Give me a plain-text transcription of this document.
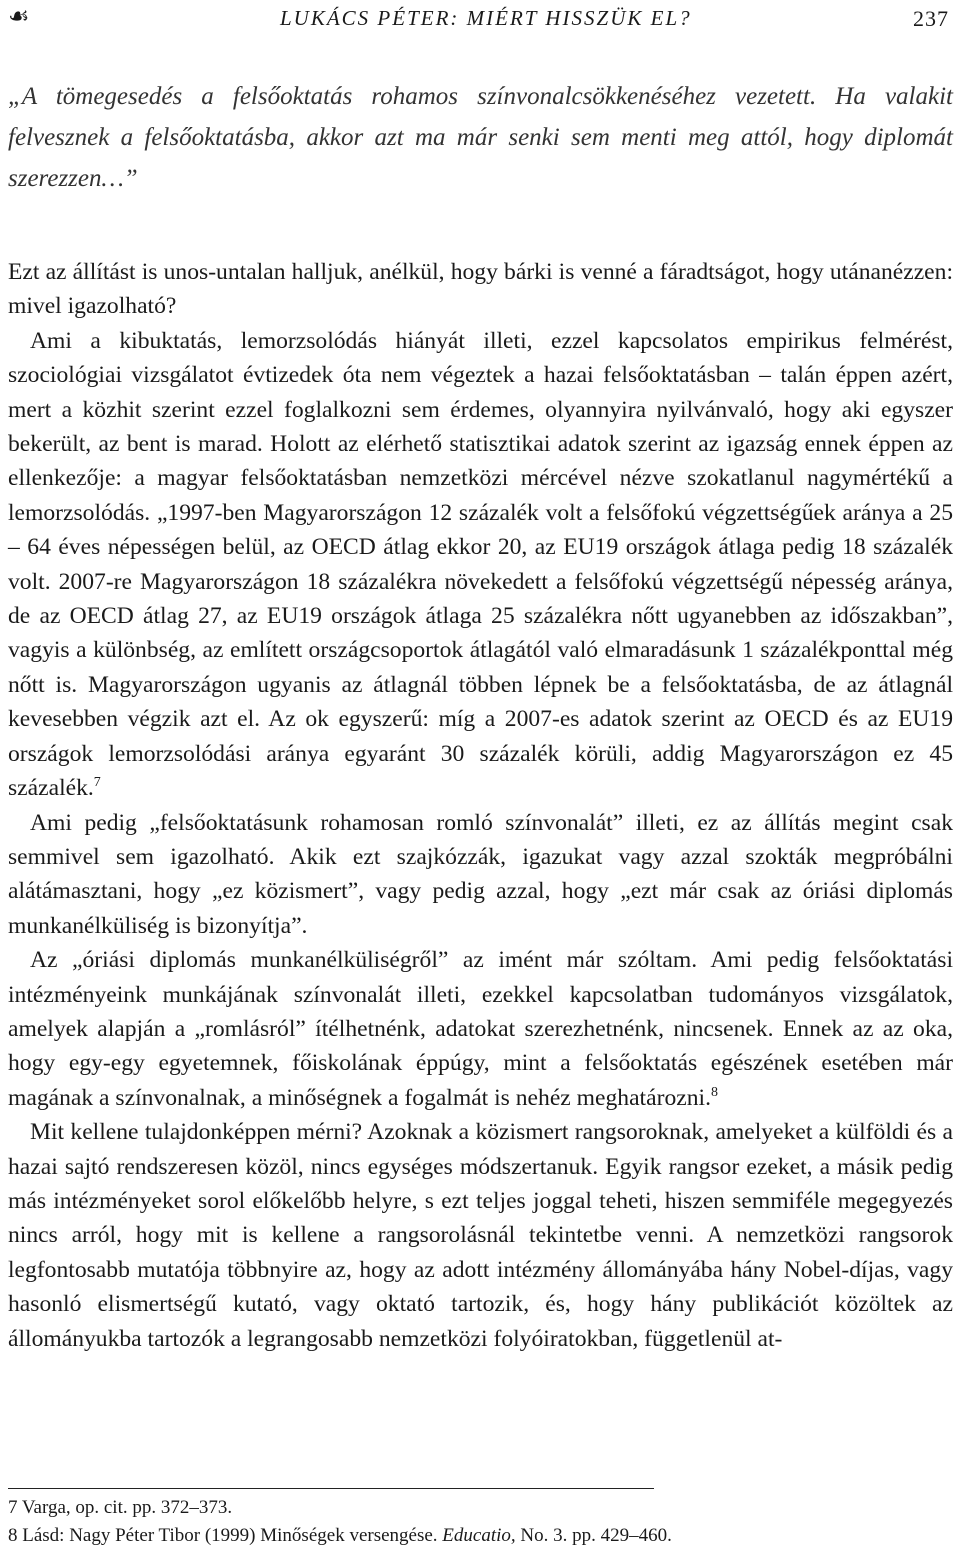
☙	LUKÁCS PÉTER: MIÉRT HISSZÜK EL?	237
„A tömegesedés a felsőoktatás rohamos színvonalcsökkenéséhez vezetett. Ha valakit felvesznek a felsőoktatásba, akkor azt ma már senki sem menti meg attól, hogy diplomát szerezzen…”

Ezt az állítást is unos-untalan halljuk, anélkül, hogy bárki is venné a fáradtságot, hogy utánanézzen: mivel igazolható?

Ami a kibuktatás, lemorzsolódás hiányát illeti, ezzel kapcsolatos empirikus felmérést, szociológiai vizsgálatot évtizedek óta nem végeztek a hazai felsőoktatásban – talán éppen azért, mert a közhit szerint ezzel foglalkozni sem érdemes, olyannyira nyilvánvaló, hogy aki egyszer bekerült, az bent is marad. Holott az elérhető statisztikai adatok szerint az igazság ennek éppen az ellenkezője: a magyar felsőoktatásban nemzetközi mércével nézve szokatlanul nagymértékű a lemorzsolódás. „1997-ben Magyarországon 12 százalék volt a felsőfokú végzettségűek aránya a 25 – 64 éves népességen belül, az OECD átlag ekkor 20, az EU19 országok átlaga pedig 18 százalék volt. 2007-re Magyarországon 18 százalékra növekedett a felsőfokú végzettségű népesség aránya, de az OECD átlag 27, az EU19 országok átlaga 25 százalékra nőtt ugyanebben az időszakban”, vagyis a különbség, az említett országcsoportok átlagától való elmaradásunk 1 százalékponttal még nőtt is. Magyarországon ugyanis az átlagnál többen lépnek be a felsőoktatásba, de az átlagnál kevesebben végzik azt el. Az ok egyszerű: míg a 2007-es adatok szerint az OECD és az EU19 országok lemorzsolódási aránya egyaránt 30 százalék körüli, addig Magyarországon ez 45 százalék.$^7$

Ami pedig „felsőoktatásunk rohamosan romló színvonalát” illeti, ez az állítás megint csak semmivel sem igazolható. Akik ezt szajkózzák, igazukat vagy azzal szokták megpróbálni alátámasztani, hogy „ez közismert”, vagy pedig azzal, hogy „ezt már csak az óriási diplomás munkanélküliség is bizonyítja”.

Az „óriási diplomás munkanélküliségről” az imént már szóltam. Ami pedig felsőoktatási intézményeink munkájának színvonalát illeti, ezekkel kapcsolatban tudományos vizsgálatok, amelyek alapján a „romlásról” ítélhetnénk, adatokat szerezhetnénk, nincsenek. Ennek az az oka, hogy egy-egy egyetemnek, főiskolának éppúgy, mint a felsőoktatás egészének esetében már magának a színvonalnak, a minőségnek a fogalmát is nehéz meghatározni.$^8$

Mit kellene tulajdonképpen mérni? Azoknak a közismert rangsoroknak, amelyeket a külföldi és a hazai sajtó rendszeresen közöl, nincs egységes módszertanuk. Egyik rangsor ezeket, a másik pedig más intézményeket sorol előkelőbb helyre, s ezt teljes joggal teheti, hiszen semmiféle megegyezés nincs arról, hogy mit is kellene a rangsorolásnál tekintetbe venni. A nemzetközi rangsorok legfontosabb mutatója többnyire az, hogy az adott intézmény állományába hány Nobel-díjas, vagy hasonló elismertségű kutató, vagy oktató tartozik, és, hogy hány publikációt közöltek az állományukba tartozók a legrangosabb nemzetközi folyóiratokban, függetlenül at-

7 Varga, op. cit. pp. 372–373.
8 Lásd: Nagy Péter Tibor (1999) Minőségek versengése. Educatio, No. 3. pp. 429–460.
